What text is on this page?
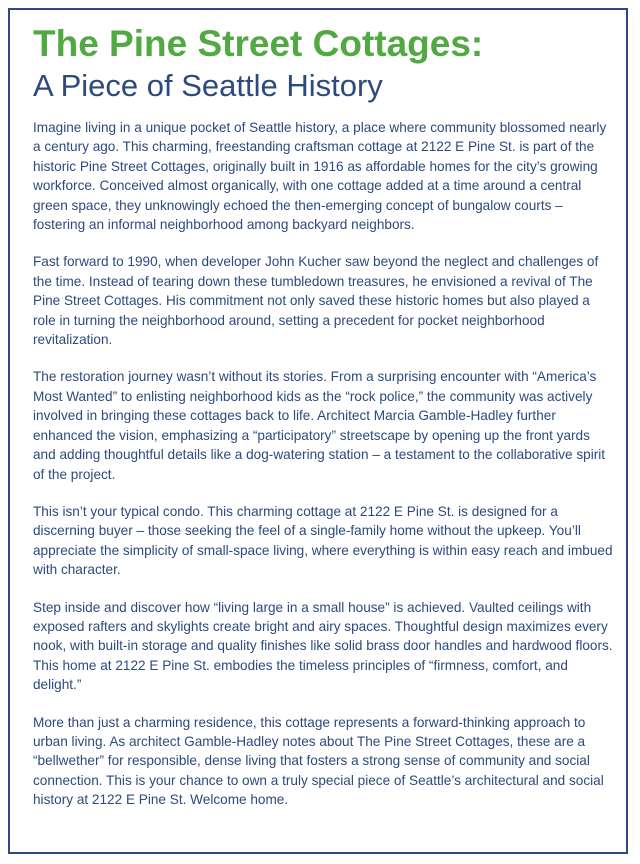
The Pine Street Cottages:
A Piece of Seattle History

Imagine living in a unique pocket of Seattle history, a place where community blossomed nearly a century ago. This charming, freestanding craftsman cottage at 2122 E Pine St. is part of the historic Pine Street Cottages, originally built in 1916 as affordable homes for the city’s growing workforce. Conceived almost organically, with one cottage added at a time around a central green space, they unknowingly echoed the then-emerging concept of bungalow courts – fostering an informal neighborhood among backyard neighbors.

Fast forward to 1990, when developer John Kucher saw beyond the neglect and challenges of the time. Instead of tearing down these tumbledown treasures, he envisioned a revival of The Pine Street Cottages. His commitment not only saved these historic homes but also played a role in turning the neighborhood around, setting a precedent for pocket neighborhood revitalization.

The restoration journey wasn’t without its stories. From a surprising encounter with “America’s Most Wanted” to enlisting neighborhood kids as the “rock police,” the community was actively involved in bringing these cottages back to life. Architect Marcia Gamble-Hadley further enhanced the vision, emphasizing a “participatory” streetscape by opening up the front yards and adding thoughtful details like a dog-watering station – a testament to the collaborative spirit of the project.

This isn’t your typical condo. This charming cottage at 2122 E Pine St. is designed for a discerning buyer – those seeking the feel of a single-family home without the upkeep. You’ll appreciate the simplicity of small-space living, where everything is within easy reach and imbued with character.

Step inside and discover how “living large in a small house” is achieved. Vaulted ceilings with exposed rafters and skylights create bright and airy spaces. Thoughtful design maximizes every nook, with built-in storage and quality finishes like solid brass door handles and hardwood floors. This home at 2122 E Pine St. embodies the timeless principles of “firmness, comfort, and delight.”

More than just a charming residence, this cottage represents a forward-thinking approach to urban living. As architect Gamble-Hadley notes about The Pine Street Cottages, these are a “bellwether” for responsible, dense living that fosters a strong sense of community and social connection. This is your chance to own a truly special piece of Seattle’s architectural and social history at 2122 E Pine St. Welcome home.
